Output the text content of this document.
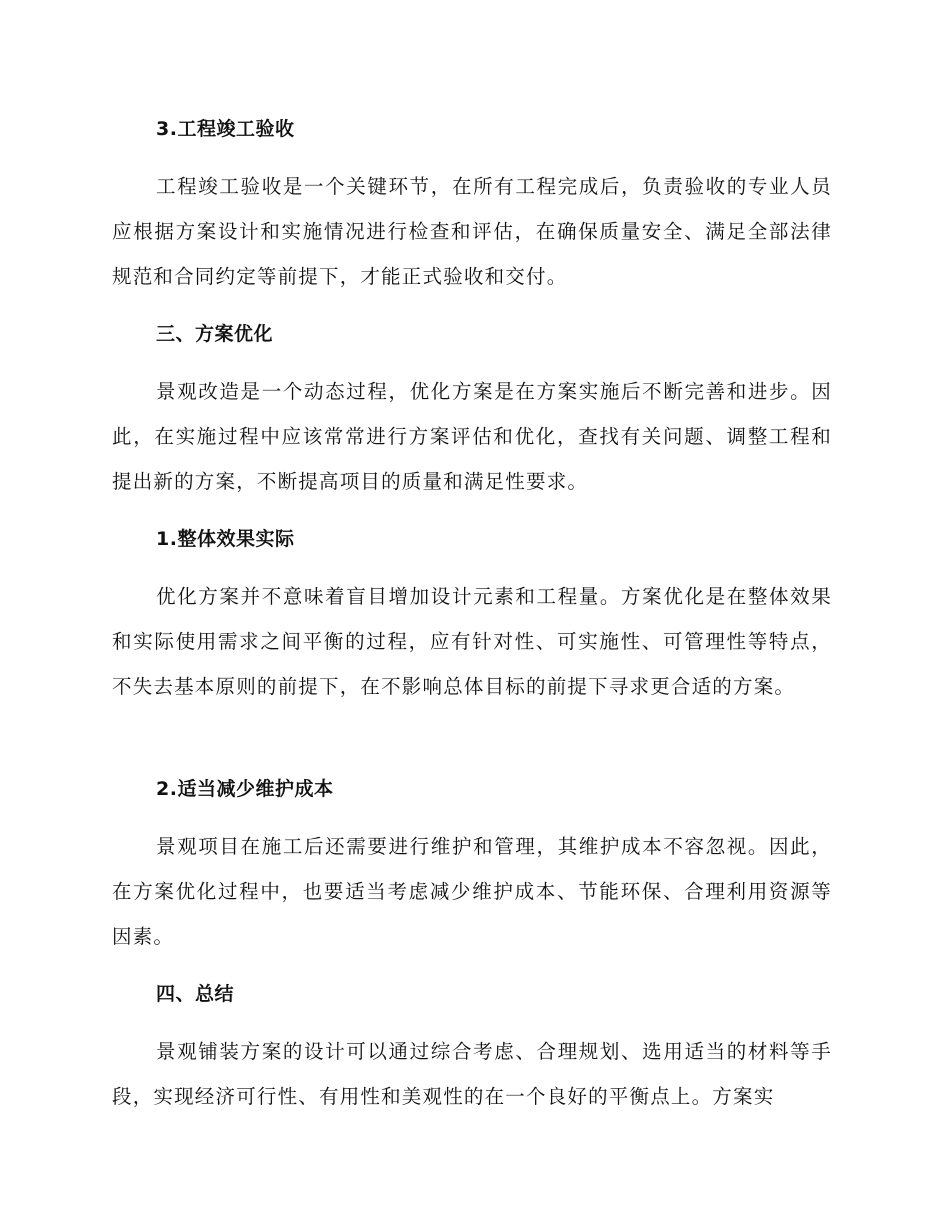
3.工程竣工验收

工程竣工验收是一个关键环节，在所有工程完成后，负责验收的专业人员应根据方案设计和实施情况进行检查和评估，在确保质量安全、满足全部法律规范和合同约定等前提下，才能正式验收和交付。

三、方案优化

景观改造是一个动态过程，优化方案是在方案实施后不断完善和进步。因此，在实施过程中应该常常进行方案评估和优化，查找有关问题、调整工程和提出新的方案，不断提高项目的质量和满足性要求。

1.整体效果实际

优化方案并不意味着盲目增加设计元素和工程量。方案优化是在整体效果和实际使用需求之间平衡的过程，应有针对性、可实施性、可管理性等特点，不失去基本原则的前提下，在不影响总体目标的前提下寻求更合适的方案。

2.适当减少维护成本

景观项目在施工后还需要进行维护和管理，其维护成本不容忽视。因此，在方案优化过程中，也要适当考虑减少维护成本、节能环保、合理利用资源等因素。

四、总结

景观铺装方案的设计可以通过综合考虑、合理规划、选用适当的材料等手段，实现经济可行性、有用性和美观性的在一个良好的平衡点上。方案实
